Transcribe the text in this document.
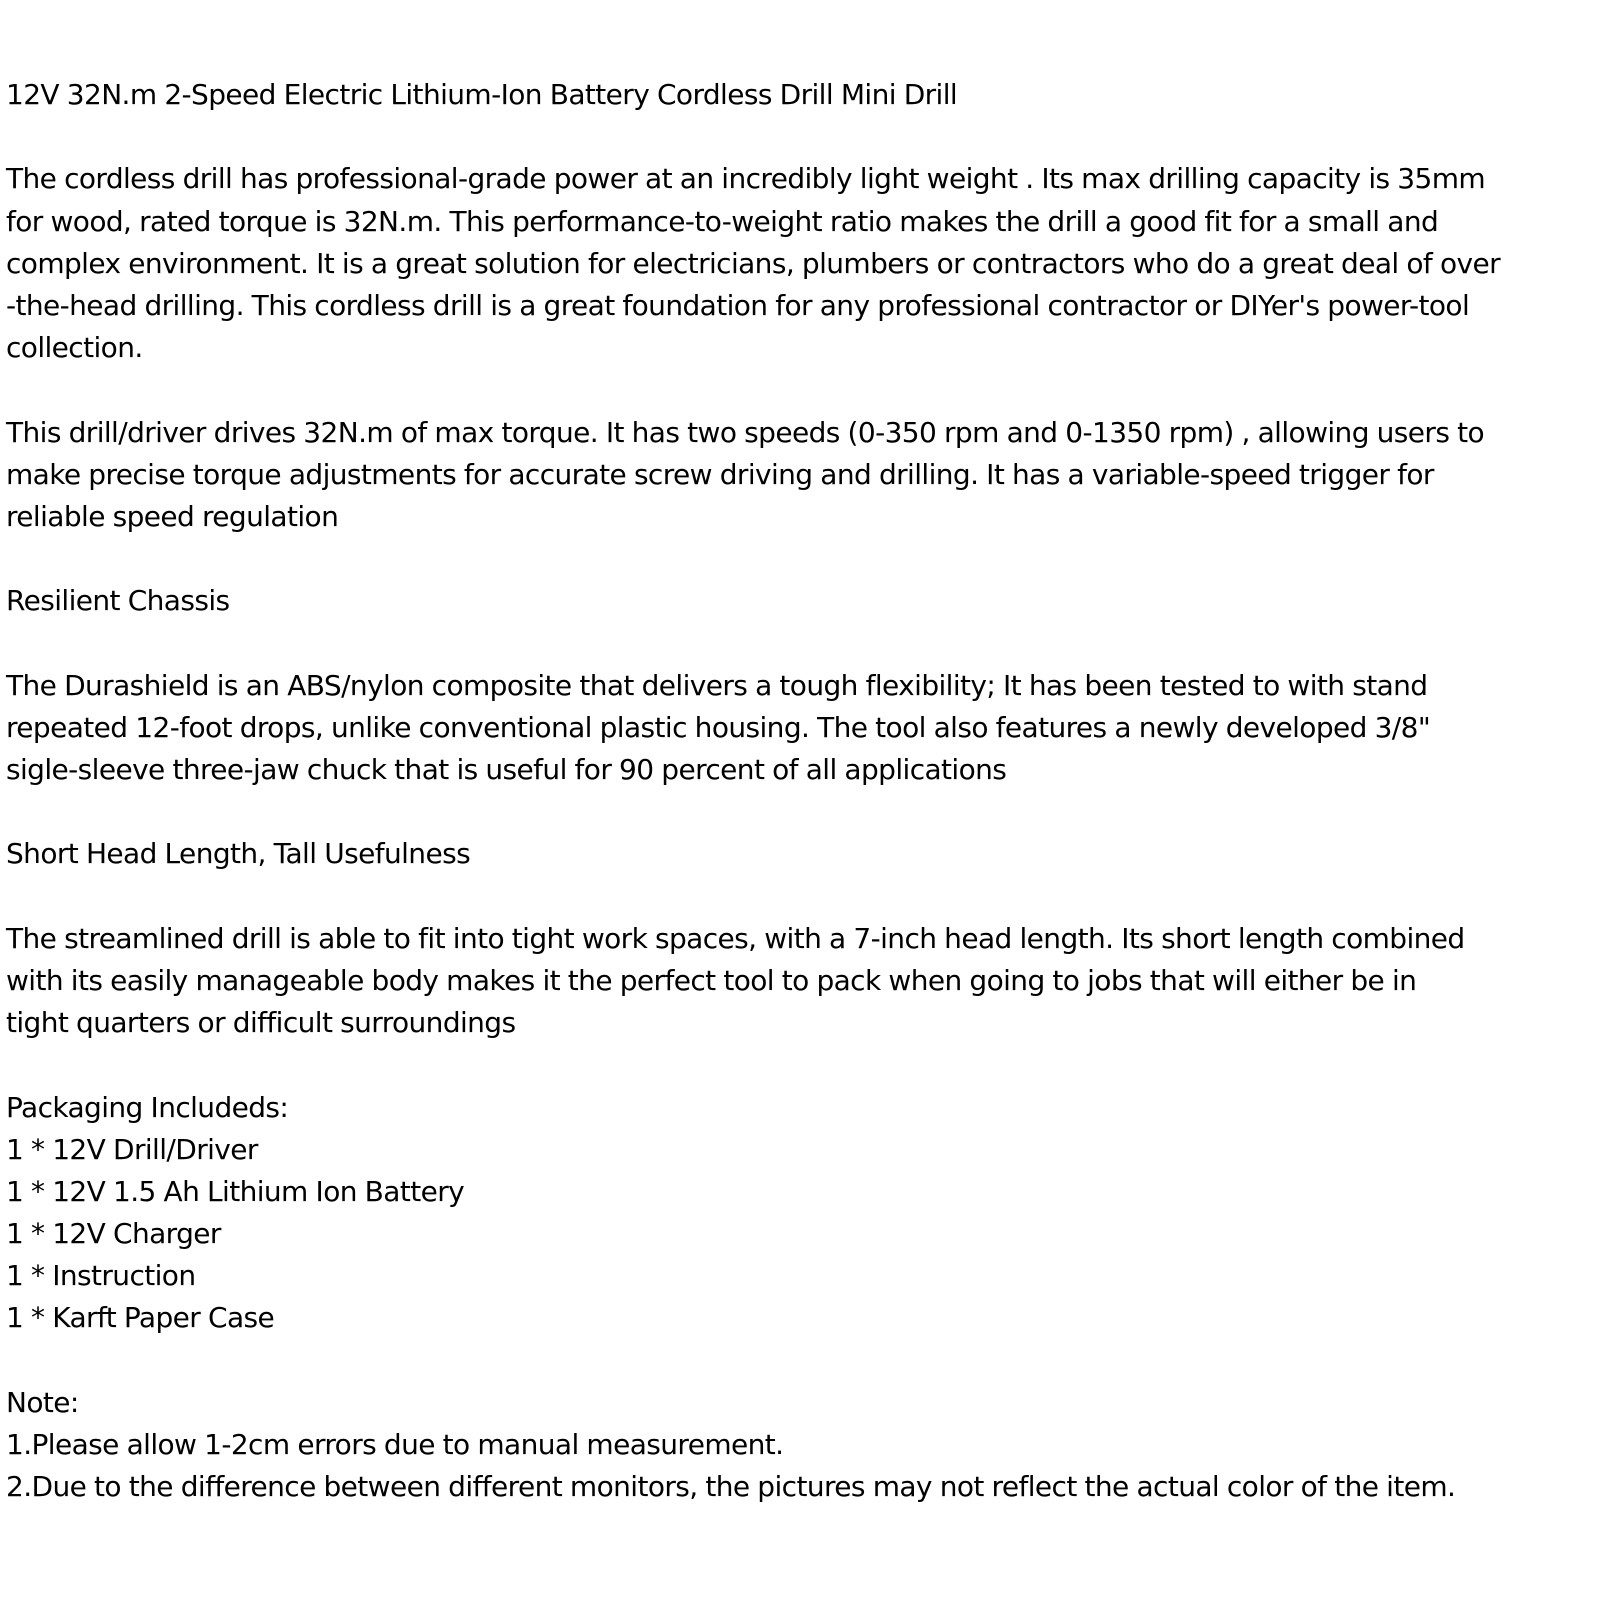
12V 32N.m 2-Speed Electric Lithium-Ion Battery Cordless Drill Mini Drill
The cordless drill has professional-grade power at an incredibly light weight . Its max drilling capacity is 35mm
for wood, rated torque is 32N.m. This performance-to-weight ratio makes the drill a good fit for a small and
complex environment. It is a great solution for electricians, plumbers or contractors who do a great deal of over
-the-head drilling. This cordless drill is a great foundation for any professional contractor or DIYer's power-tool
collection.
This drill/driver drives 32N.m of max torque. It has two speeds (0-350 rpm and 0-1350 rpm) , allowing users to
make precise torque adjustments for accurate screw driving and drilling. It has a variable-speed trigger for
reliable speed regulation
Resilient Chassis
The Durashield is an ABS/nylon composite that delivers a tough flexibility; It has been tested to with stand
repeated 12-foot drops, unlike conventional plastic housing. The tool also features a newly developed 3/8"
sigle-sleeve three-jaw chuck that is useful for 90 percent of all applications
Short Head Length, Tall Usefulness
The streamlined drill is able to fit into tight work spaces, with a 7-inch head length. Its short length combined
with its easily manageable body makes it the perfect tool to pack when going to jobs that will either be in
tight quarters or difficult surroundings
Packaging Includeds:
1 * 12V Drill/Driver
1 * 12V 1.5 Ah Lithium Ion Battery
1 * 12V Charger
1 * Instruction
1 * Karft Paper Case
Note:
1.Please allow 1-2cm errors due to manual measurement.
2.Due to the difference between different monitors, the pictures may not reflect the actual color of the item.
